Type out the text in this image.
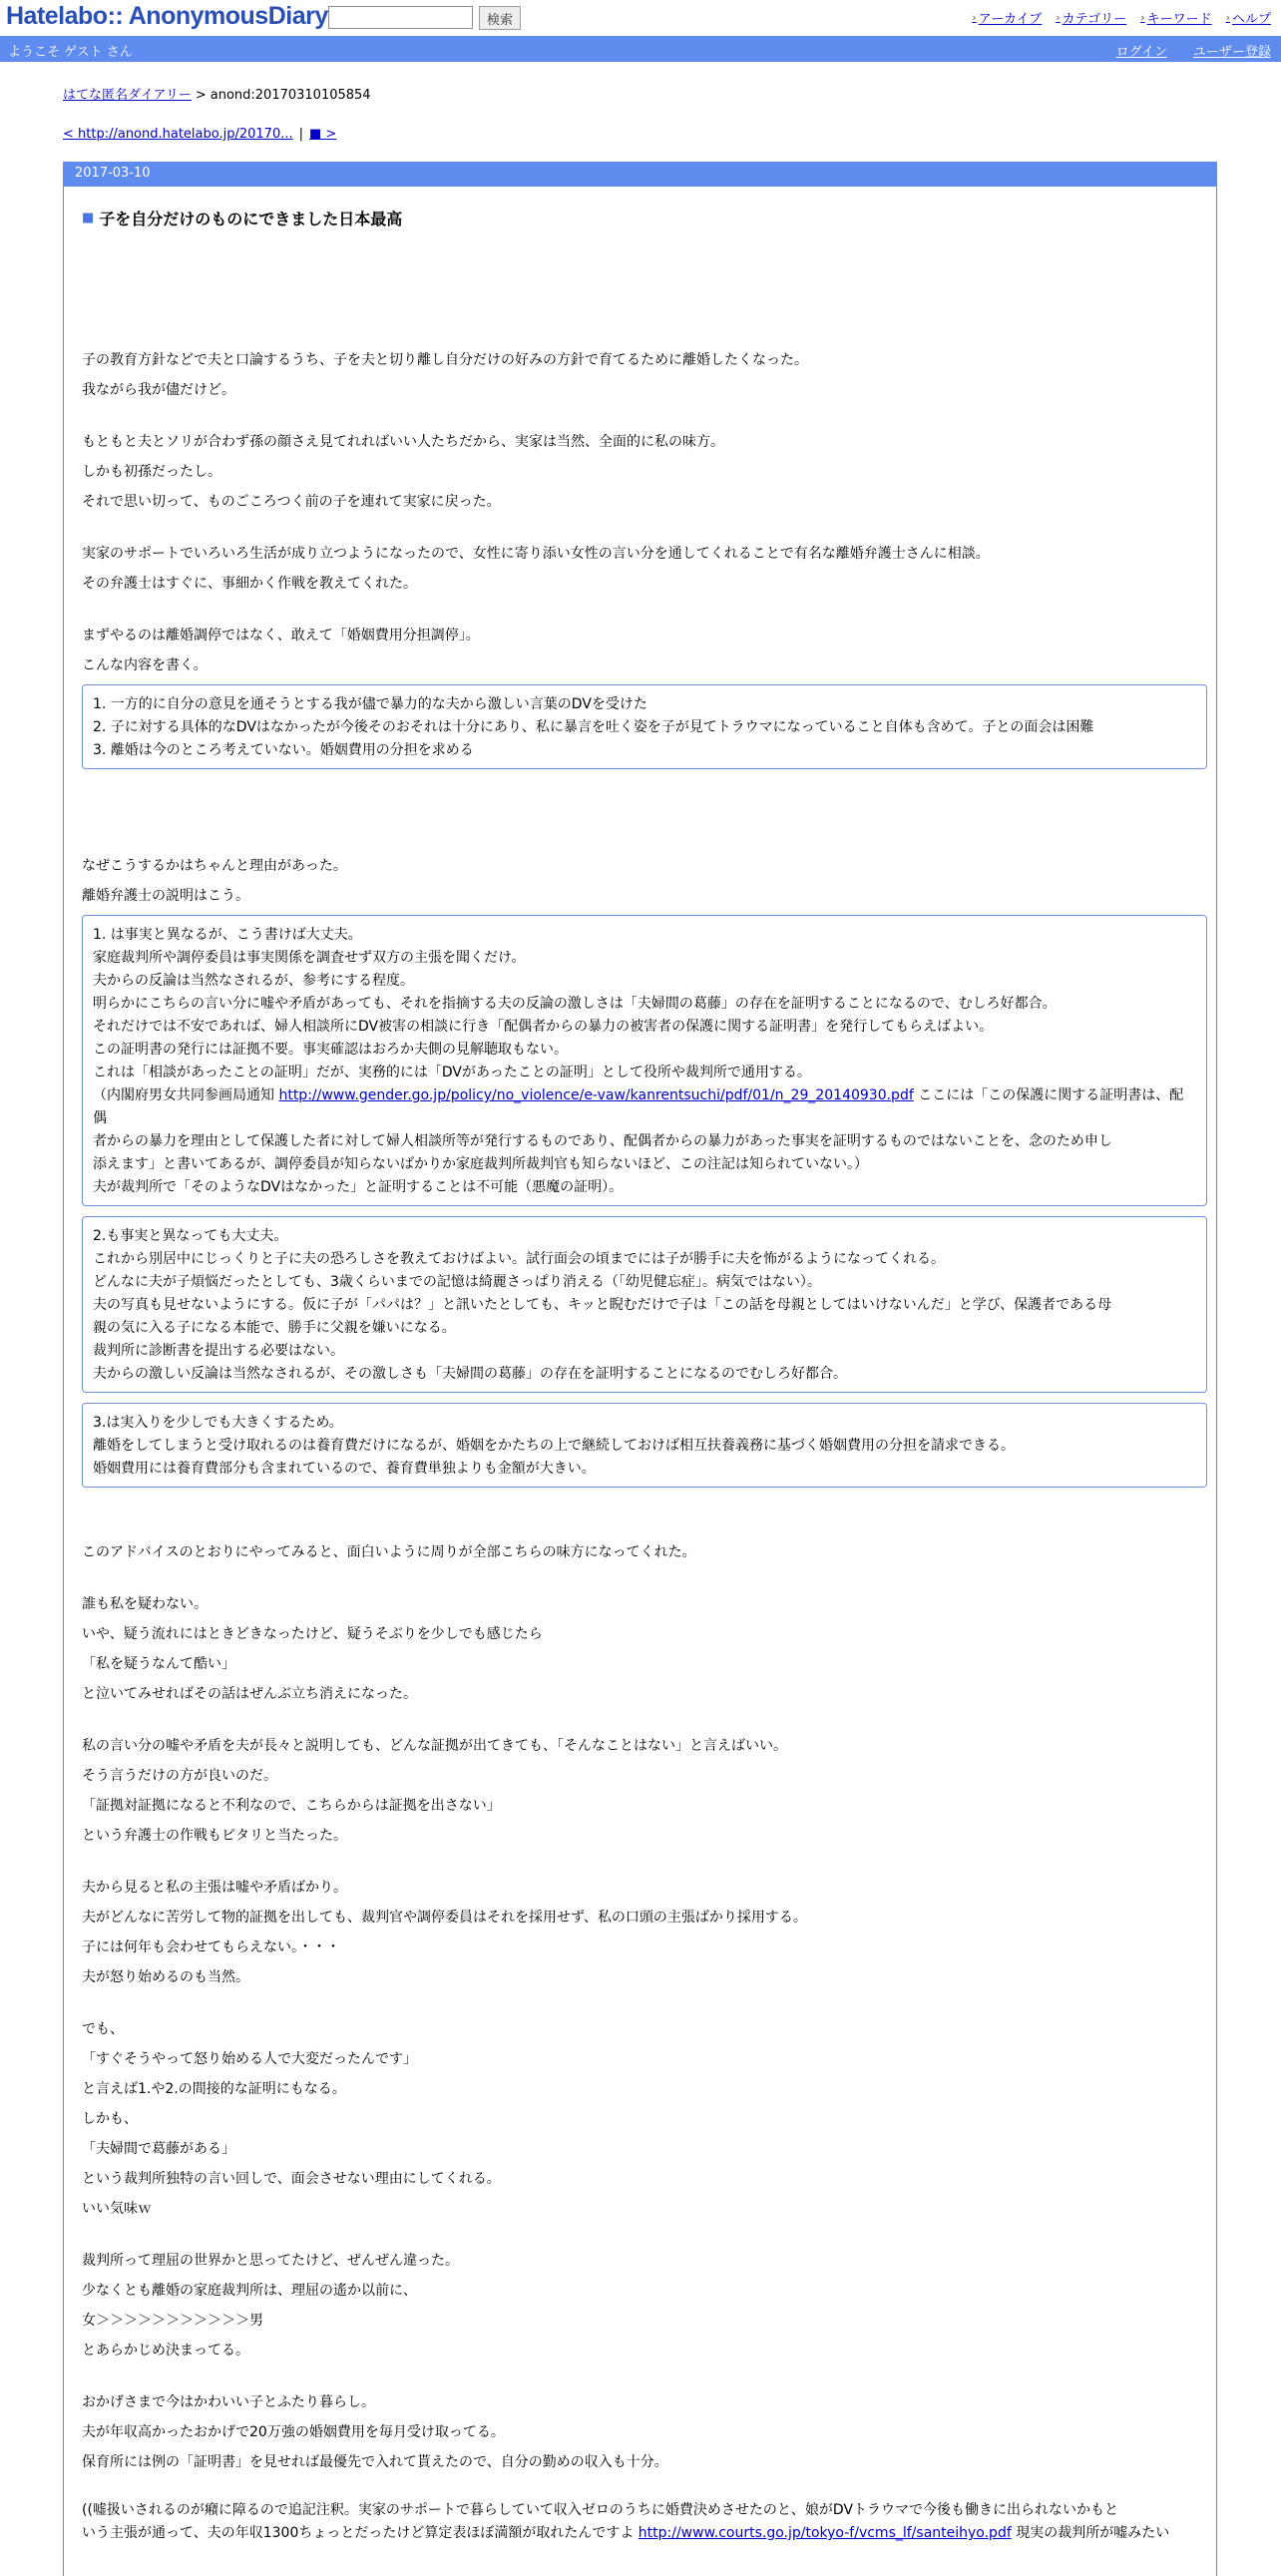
Hatelabo:: AnonymousDiary	検索	› アーカイブ › カテゴリー › キーワード › ヘルプ
ようこそ ゲスト さん	ログイン ユーザー登録
はてな匿名ダイアリー > anond:20170310105854
< http://anond.hatelabo.jp/20170... | ■ >
2017-03-10
■ 子を自分だけのものにできました日本最高

子の教育方針などで夫と口論するうち、子を夫と切り離し自分だけの好みの方針で育てるために離婚したくなった。

我ながら我が儘だけど。

もともと夫とソリが合わず孫の顔さえ見てれればいい人たちだから、実家は当然、全面的に私の味方。

しかも初孫だったし。

それで思い切って、ものごころつく前の子を連れて実家に戻った。

実家のサポートでいろいろ生活が成り立つようになったので、女性に寄り添い女性の言い分を通してくれることで有名な離婚弁護士さんに相談。

その弁護士はすぐに、事細かく作戦を教えてくれた。

まずやるのは離婚調停ではなく、敢えて「婚姻費用分担調停」。

こんな内容を書く。

1. 一方的に自分の意見を通そうとする我が儘で暴力的な夫から激しい言葉のDVを受けた

2. 子に対する具体的なDVはなかったが今後そのおそれは十分にあり、私に暴言を吐く姿を子が見てトラウマになっていること自体も含めて。子との面会は困難

3. 離婚は今のところ考えていない。婚姻費用の分担を求める

なぜこうするかはちゃんと理由があった。

離婚弁護士の説明はこう。

1. は事実と異なるが、こう書けば大丈夫。

家庭裁判所や調停委員は事実関係を調査せず双方の主張を聞くだけ。

夫からの反論は当然なされるが、参考にする程度。

明らかにこちらの言い分に嘘や矛盾があっても、それを指摘する夫の反論の激しさは「夫婦間の葛藤」の存在を証明することになるので、むしろ好都合。

それだけでは不安であれば、婦人相談所にDV被害の相談に行き「配偶者からの暴力の被害者の保護に関する証明書」を発行してもらえばよい。

この証明書の発行には証拠不要。事実確認はおろか夫側の見解聴取もない。

これは「相談があったことの証明」だが、実務的には「DVがあったことの証明」として役所や裁判所で通用する。

（内閣府男女共同参画局通知 http://www.gender.go.jp/policy/no_violence/e-vaw/kanrentsuchi/pdf/01/n_29_20140930.pdf ここには「この保護に関する証明書は、配偶

者からの暴力を理由として保護した者に対して婦人相談所等が発行するものであり、配偶者からの暴力があった事実を証明するものではないことを、念のため申し

添えます」と書いてあるが、調停委員が知らないばかりか家庭裁判所裁判官も知らないほど、この注記は知られていない。）

夫が裁判所で「そのようなDVはなかった」と証明することは不可能（悪魔の証明）。

2.も事実と異なっても大丈夫。

これから別居中にじっくりと子に夫の恐ろしさを教えておけばよい。試行面会の頃までには子が勝手に夫を怖がるようになってくれる。

どんなに夫が子煩悩だったとしても、3歳くらいまでの記憶は綺麗さっぱり消える（「幼児健忘症」。病気ではない）。

夫の写真も見せないようにする。仮に子が「パパは？」と訊いたとしても、キッと睨むだけで子は「この話を母親としてはいけないんだ」と学び、保護者である母

親の気に入る子になる本能で、勝手に父親を嫌いになる。

裁判所に診断書を提出する必要はない。

夫からの激しい反論は当然なされるが、その激しさも「夫婦間の葛藤」の存在を証明することになるのでむしろ好都合。

3.は実入りを少しでも大きくするため。

離婚をしてしまうと受け取れるのは養育費だけになるが、婚姻をかたちの上で継続しておけば相互扶養義務に基づく婚姻費用の分担を請求できる。

婚姻費用には養育費部分も含まれているので、養育費単独よりも金額が大きい。

このアドバイスのとおりにやってみると、面白いように周りが全部こちらの味方になってくれた。

誰も私を疑わない。

いや、疑う流れにはときどきなったけど、疑うそぶりを少しでも感じたら

「私を疑うなんて酷い」

と泣いてみせればその話はぜんぶ立ち消えになった。

私の言い分の嘘や矛盾を夫が長々と説明しても、どんな証拠が出てきても、「そんなことはない」と言えばいい。

そう言うだけの方が良いのだ。

「証拠対証拠になると不利なので、こちらからは証拠を出さない」

という弁護士の作戦もピタリと当たった。

夫から見ると私の主張は嘘や矛盾ばかり。

夫がどんなに苦労して物的証拠を出しても、裁判官や調停委員はそれを採用せず、私の口頭の主張ばかり採用する。

子には何年も会わせてもらえない。・・・

夫が怒り始めるのも当然。

でも、

「すぐそうやって怒り始める人で大変だったんです」

と言えば1.や2.の間接的な証明にもなる。

しかも、

「夫婦間で葛藤がある」

という裁判所独特の言い回しで、面会させない理由にしてくれる。

いい気味ｗ

裁判所って理屈の世界かと思ってたけど、ぜんぜん違った。

少なくとも離婚の家庭裁判所は、理屈の遙か以前に、

女＞＞＞＞＞＞＞＞＞＞＞男

とあらかじめ決まってる。

おかげさまで今はかわいい子とふたり暮らし。

夫が年収高かったおかげで20万強の婚姻費用を毎月受け取ってる。

保育所には例の「証明書」を見せれば最優先で入れて貰えたので、自分の勤めの収入も十分。

((嘘扱いされるのが癪に障るので追記注釈。実家のサポートで暮らしていて収入ゼロのうちに婚費決めさせたのと、娘がDVトラウマで今後も働きに出られないかもと

いう主張が通って、夫の年収1300ちょっとだったけど算定表ほぼ満額が取れたんですよ http://www.courts.go.jp/tokyo-f/vcms_lf/santeihyo.pdf 現実の裁判所が嘘みたい
